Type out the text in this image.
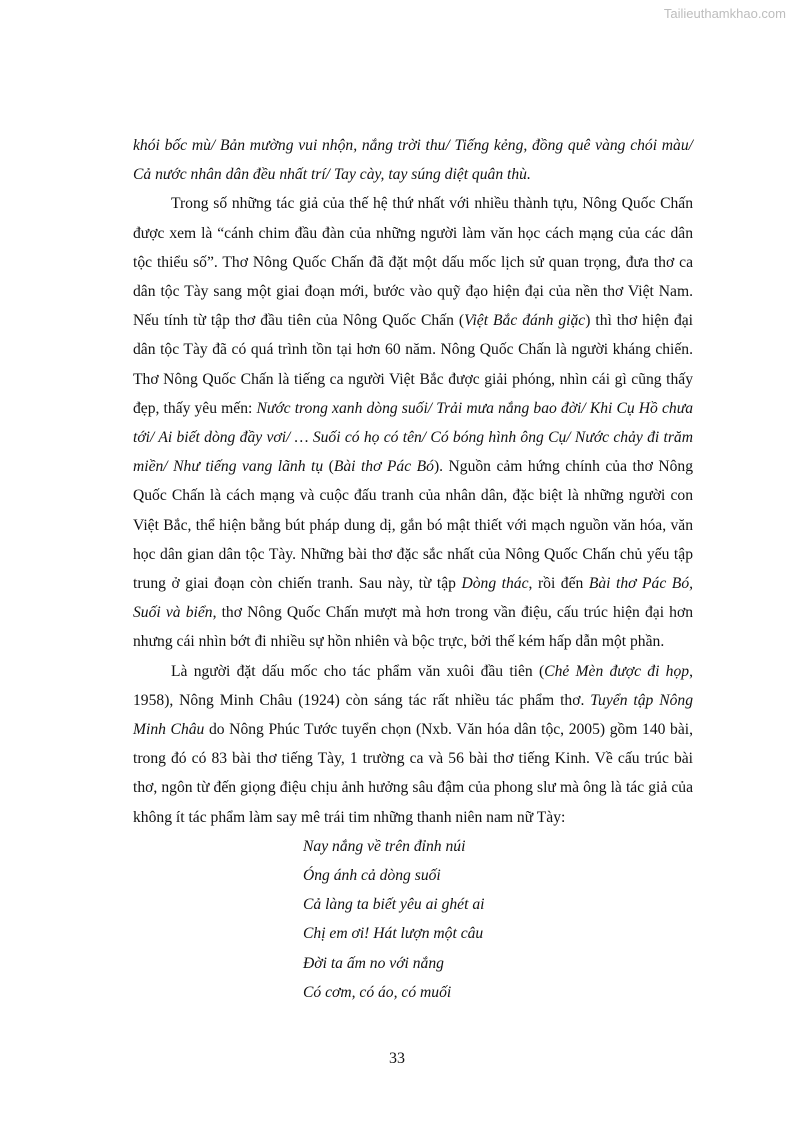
Tailieuthamkhao.com

khói bốc mù/ Bản mường vui nhộn, nắng trời thu/ Tiếng kẻng, đồng quê vàng chói màu/ Cả nước nhân dân đều nhất trí/ Tay cày, tay súng diệt quân thù.

Trong số những tác giả của thế hệ thứ nhất với nhiều thành tựu, Nông Quốc Chấn được xem là “cánh chim đầu đàn của những người làm văn học cách mạng của các dân tộc thiểu số”. Thơ Nông Quốc Chấn đã đặt một dấu mốc lịch sử quan trọng, đưa thơ ca dân tộc Tày sang một giai đoạn mới, bước vào quỹ đạo hiện đại của nền thơ Việt Nam. Nếu tính từ tập thơ đầu tiên của Nông Quốc Chấn (Việt Bắc đánh giặc) thì thơ hiện đại dân tộc Tày đã có quá trình tồn tại hơn 60 năm. Nông Quốc Chấn là người kháng chiến. Thơ Nông Quốc Chấn là tiếng ca người Việt Bắc được giải phóng, nhìn cái gì cũng thấy đẹp, thấy yêu mến: Nước trong xanh dòng suối/ Trải mưa nắng bao đời/ Khi Cụ Hồ chưa tới/ Ai biết dòng đầy vơi/ … Suối có họ có tên/ Có bóng hình ông Cụ/ Nước chảy đi trăm miền/ Như tiếng vang lãnh tụ (Bài thơ Pác Bó). Nguồn cảm hứng chính của thơ Nông Quốc Chấn là cách mạng và cuộc đấu tranh của nhân dân, đặc biệt là những người con Việt Bắc, thể hiện bằng bút pháp dung dị, gắn bó mật thiết với mạch nguồn văn hóa, văn học dân gian dân tộc Tày. Những bài thơ đặc sắc nhất của Nông Quốc Chấn chủ yếu tập trung ở giai đoạn còn chiến tranh. Sau này, từ tập Dòng thác, rồi đến Bài thơ Pác Bó, Suối và biển, thơ Nông Quốc Chấn mượt mà hơn trong vần điệu, cấu trúc hiện đại hơn nhưng cái nhìn bớt đi nhiều sự hồn nhiên và bộc trực, bởi thế kém hấp dẫn một phần.

Là người đặt dấu mốc cho tác phẩm văn xuôi đầu tiên (Chẻ Mèn được đi họp, 1958), Nông Minh Châu (1924) còn sáng tác rất nhiều tác phẩm thơ. Tuyển tập Nông Minh Châu do Nông Phúc Tước tuyển chọn (Nxb. Văn hóa dân tộc, 2005) gồm 140 bài, trong đó có 83 bài thơ tiếng Tày, 1 trường ca và 56 bài thơ tiếng Kinh. Về cấu trúc bài thơ, ngôn từ đến giọng điệu chịu ảnh hưởng sâu đậm của phong slư mà ông là tác giả của không ít tác phẩm làm say mê trái tim những thanh niên nam nữ Tày:

Nay nắng về trên đỉnh núi
Óng ánh cả dòng suối
Cả làng ta biết yêu ai ghét ai
Chị em ơi! Hát lượn một câu
Đời ta ấm no với nắng
Có cơm, có áo, có muối
33
